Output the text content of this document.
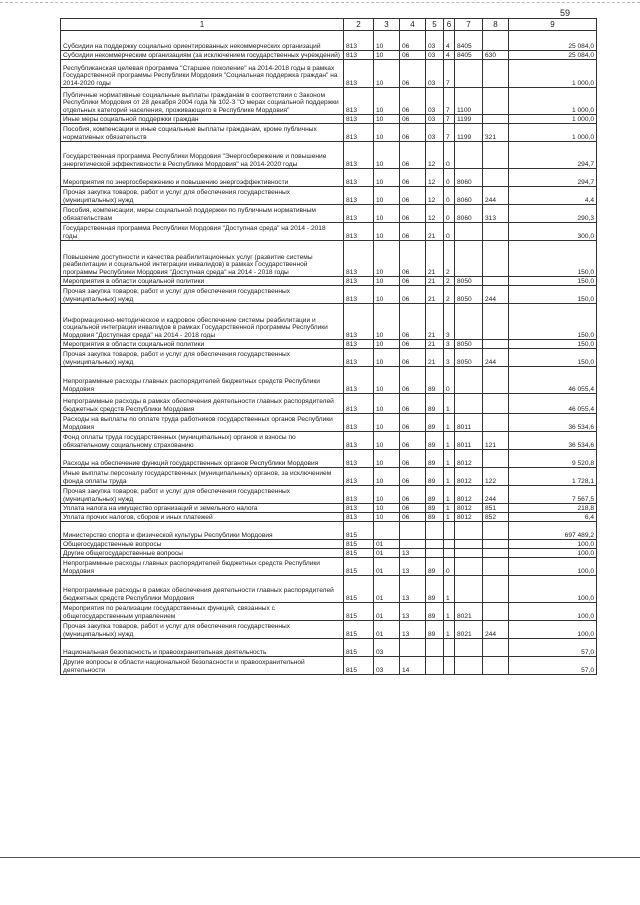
59
1	2	3	4	5	6	7	8	9
Субсидии на поддержку социально ориентированных некоммерческих организаций	813	10	06	03	4	8405		25 084,0
Субсидии некоммерческим организациям (за исключением государственных учреждений)	813	10	06	03	4	8405	630	25 084,0
Республиканская целевая программа "Старшее поколение" на 2014-2018 годы в рамках Государственной программы Республики Мордовия "Социальная поддержка граждан" на 2014-2020 годы	813	10	06	03	7			1 000,0
Публичные нормативные социальные выплаты гражданам в соответствии с Законом Республики Мордовия от 28 декабря 2004 года № 102-З "О мерах социальной поддержки отдельных категорий населения, проживающего в Республике Мордовия"	813	10	06	03	7	1100		1 000,0
Иные меры социальной поддержки граждан	813	10	06	03	7	1199		1 000,0
Пособия, компенсации и иные социальные выплаты гражданам, кроме публичных нормативных обязательств	813	10	06	03	7	1199	321	1 000,0
Государственная программа Республики Мордовия "Энергосбережение и повышение энергетической эффективности в Республике Мордовия" на 2014-2020 годы	813	10	06	12	0			294,7
Мероприятия по энергосбережению и повышению энергоэффективности	813	10	06	12	0	8060		294,7
Прочая закупка товаров, работ и услуг для обеспечения государственных (муниципальных) нужд	813	10	06	12	0	8060	244	4,4
Пособия, компенсации, меры социальной поддержки по публичным нормативным обязательствам	813	10	06	12	0	8060	313	290,3
Государственная программа Республики Мордовия "Доступная среда" на 2014 - 2018 годы	813	10	06	21	0			300,0
Повышение доступности и качества реабилитационных услуг (развитие системы реабилитации и социальной интеграции инвалидов) в рамках Государственной программы Республики Мордовия "Доступная среда" на 2014 - 2018 годы	813	10	06	21	2			150,0
Мероприятия в области социальной политики	813	10	06	21	2	8050		150,0
Прочая закупка товаров, работ и услуг для обеспечения государственных (муниципальных) нужд	813	10	06	21	2	8050	244	150,0
Информационно-методическое и кадровое обеспечение системы реабилитации и социальной интеграции инвалидов в рамках Государственной программы Республики Мордовия "Доступная среда" на 2014 - 2018 годы	813	10	06	21	3			150,0
Мероприятия в области социальной политики	813	10	06	21	3	8050		150,0
Прочая закупка товаров, работ и услуг для обеспечения государственных (муниципальных) нужд	813	10	06	21	3	8050	244	150,0
Непрограммные расходы главных распорядителей бюджетных средств Республики Мордовия	813	10	06	89	0			46 055,4
Непрограммные расходы в рамках обеспечения деятельности главных распорядителей бюджетных средств Республики Мордовия	813	10	06	89	1			46 055,4
Расходы на выплаты по оплате труда работников государственных органов Республики Мордовия	813	10	06	89	1	8011		36 534,6
Фонд оплаты труда государственных (муниципальных) органов и взносы по обязательному социальному страхованию	813	10	06	89	1	8011	121	36 534,6
Расходы на обеспечение функций государственных органов Республики Мордовия	813	10	06	89	1	8012		9 520,8
Иные выплаты персоналу государственных (муниципальных) органов, за исключением фонда оплаты труда	813	10	06	89	1	8012	122	1 728,1
Прочая закупка товаров, работ и услуг для обеспечения государственных (муниципальных) нужд	813	10	06	89	1	8012	244	7 567,5
Уплата налога на имущество организаций и земельного налога	813	10	06	89	1	8012	851	218,8
Уплата прочих налогов, сборов и иных платежей	813	10	06	89	1	8012	852	6,4
Министерство спорта и физической культуры Республики Мордовия	815							697 489,2
Общегосударственные вопросы	815	01						100,0
Другие общегосударственные вопросы	815	01	13					100,0
Непрограммные расходы главных распорядителей бюджетных средств Республики Мордовия	815	01	13	89	0			100,0
Непрограммные расходы в рамках обеспечения деятельности главных распорядителей бюджетных средств Республики Мордовия	815	01	13	89	1			100,0
Мероприятия по реализации государственных функций, связанных с общегосударственным управлением	815	01	13	89	1	8021		100,0
Прочая закупка товаров, работ и услуг для обеспечения государственных (муниципальных) нужд	815	01	13	89	1	8021	244	100,0
Национальная безопасность и правоохранительная деятельность	815	03						57,0
Другие вопросы в области национальной безопасности и правоохранительной деятельности	815	03	14					57,0
